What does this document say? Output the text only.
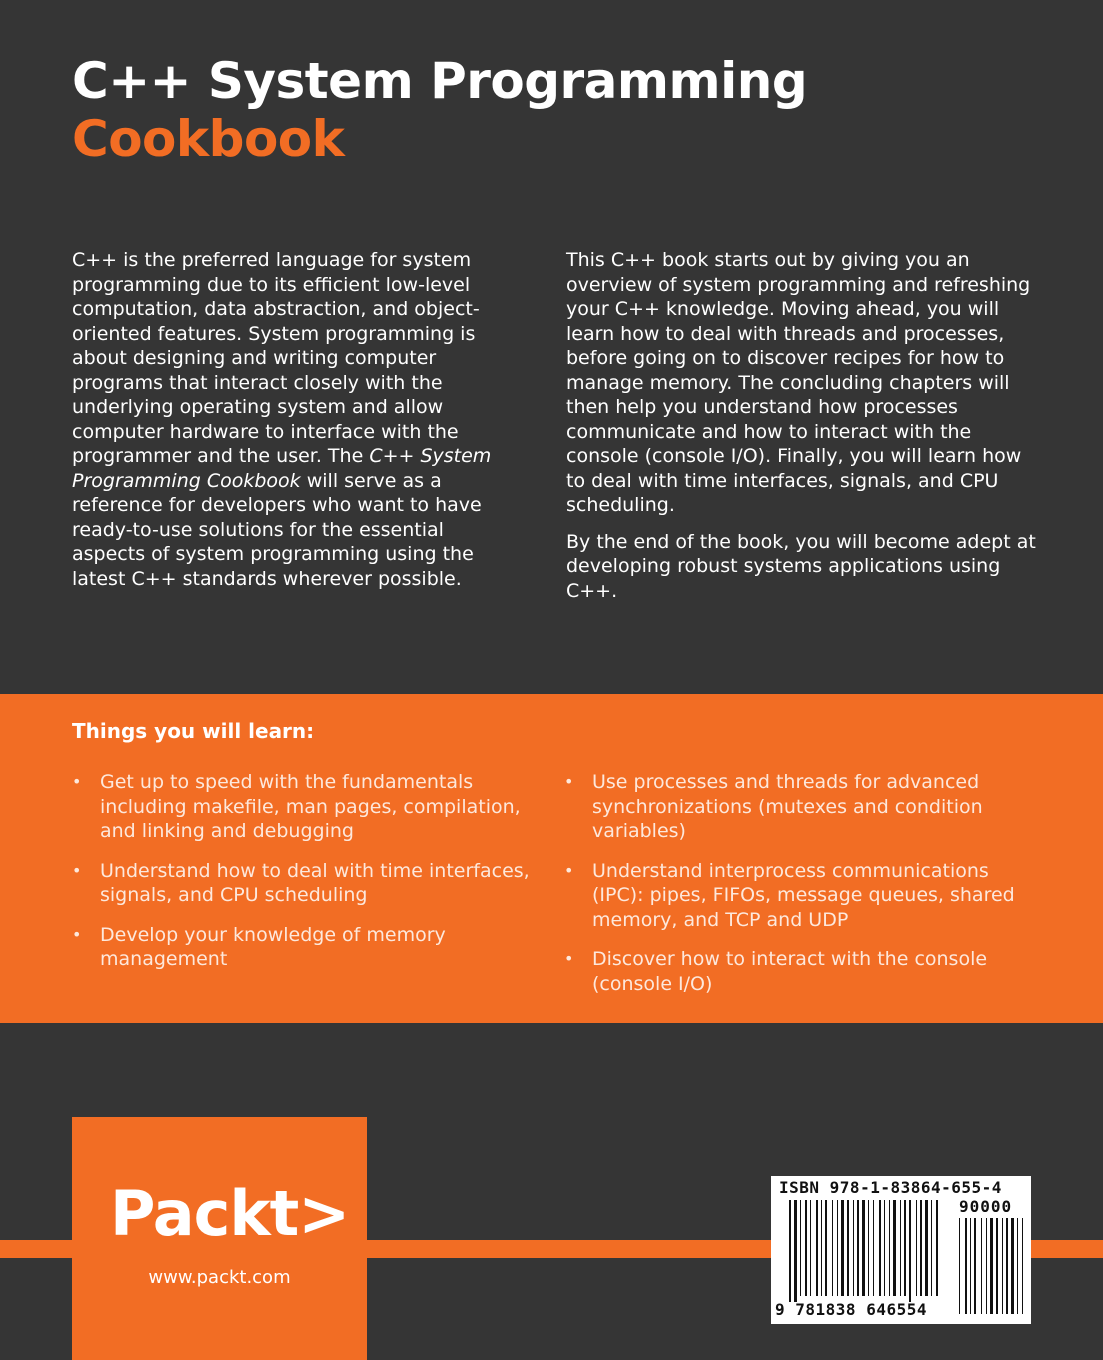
C++ System Programming
Cookbook

C++ is the preferred language for system programming due to its efficient low-level computation, data abstraction, and object-oriented features. System programming is about designing and writing computer programs that interact closely with the underlying operating system and allow computer hardware to interface with the programmer and the user. The C++ System Programming Cookbook will serve as a reference for developers who want to have ready-to-use solutions for the essential aspects of system programming using the latest C++ standards wherever possible.

This C++ book starts out by giving you an overview of system programming and refreshing your C++ knowledge. Moving ahead, you will learn how to deal with threads and processes, before going on to discover recipes for how to manage memory. The concluding chapters will then help you understand how processes communicate and how to interact with the console (console I/O). Finally, you will learn how to deal with time interfaces, signals, and CPU scheduling.

By the end of the book, you will become adept at developing robust systems applications using C++.

Things you will learn:
• Get up to speed with the fundamentals including makefile, man pages, compilation, and linking and debugging
• Understand how to deal with time interfaces, signals, and CPU scheduling
• Develop your knowledge of memory management
• Use processes and threads for advanced synchronizations (mutexes and condition variables)
• Understand interprocess communications (IPC): pipes, FIFOs, message queues, shared memory, and TCP and UDP
• Discover how to interact with the console (console I/O)
Packt>
www.packt.com
ISBN 978-1-83864-655-4
90000
9 781838 646554
